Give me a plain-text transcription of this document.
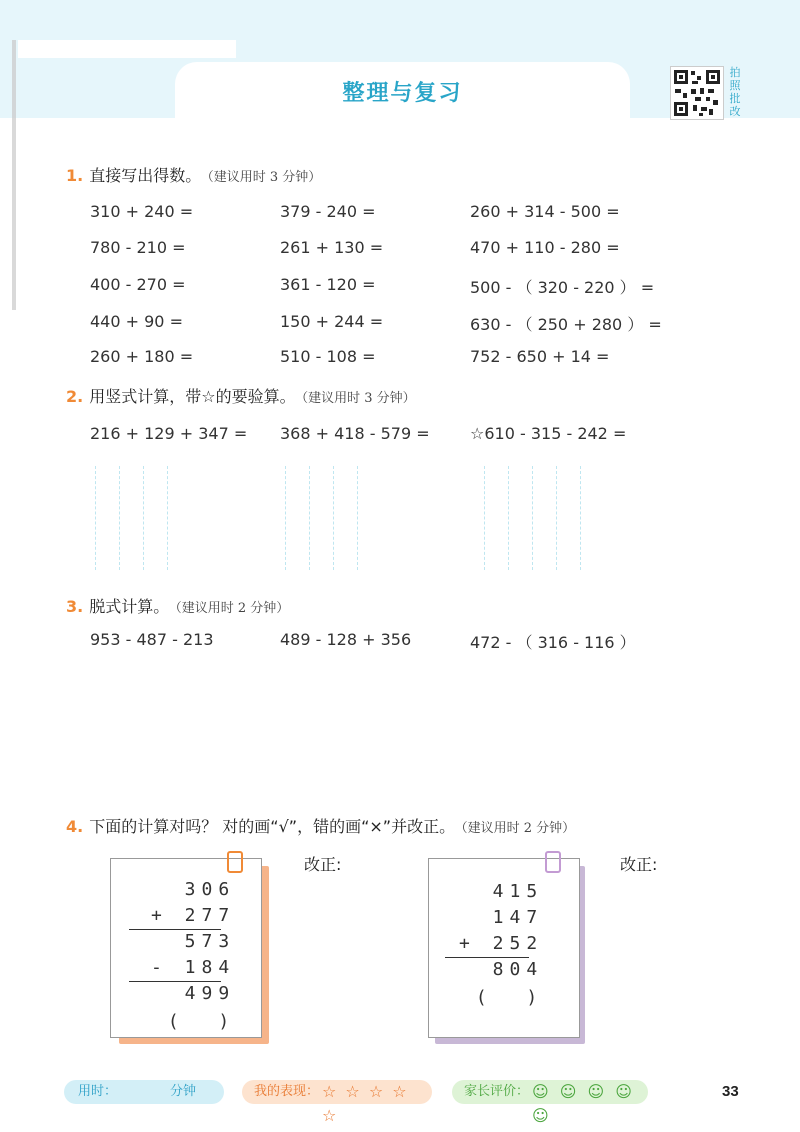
整理与复习
拍
照
批
改
1. 直接写出得数。 （建议用时 3 分钟）
310 + 240 =	379 - 240 =	260 + 314 - 500 =
780 - 210 =	261 + 130 =	470 + 110 - 280 =
400 - 270 =	361 - 120 =	500 - （ 320 - 220 ） =
440 + 90 =	150 + 244 =	630 - （ 250 + 280 ） =
260 + 180 =	510 - 108 =	752 - 650 + 14 =
2. 用竖式计算，带☆的要验算。 （建议用时 3 分钟）
216 + 129 + 347 = 368 + 418 - 579 =	☆610 - 315 - 242 =
3. 脱式计算。 （建议用时 2 分钟）
953 - 487 - 213	489 - 128 + 356	472 - （ 316 - 116 ）
4. 下面的计算对吗？ 对的画“√”，错的画“×”并改正。 （建议用时 2 分钟）
306
+ 277
573
- 184
499
(  )
改正:
415
147
+ 252
804
(  )
改正:
用时：	分钟	我的表现： ☆ ☆ ☆ ☆ ☆
家长评价： ☺ ☺ ☺ ☺ ☺
33
